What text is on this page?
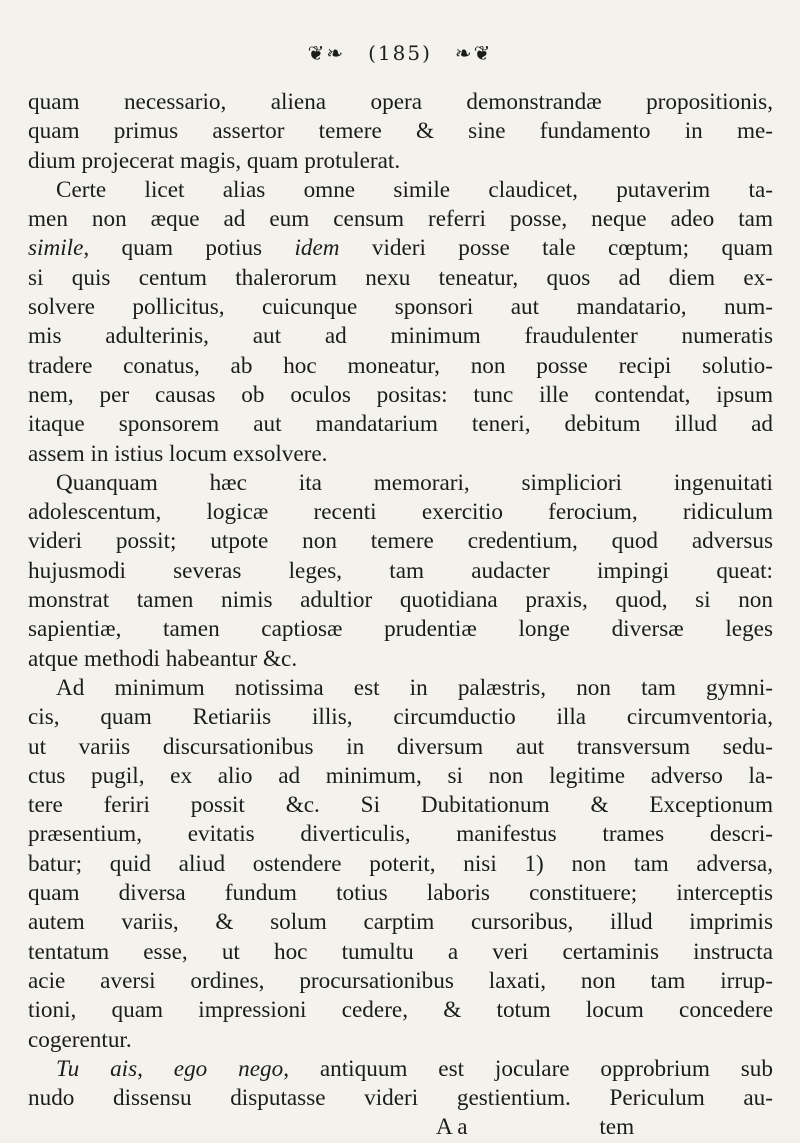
❦❧ (185) ❧❦
quam necessario, aliena opera demonstrandæ propositionis,
quam primus assertor temere & sine fundamento in me-
dium projecerat magis, quam protulerat.
Certe licet alias omne simile claudicet, putaverim ta-
men non æque ad eum censum referri posse, neque adeo tam
simile, quam potius idem videri posse tale cœptum; quam
si quis centum thalerorum nexu teneatur, quos ad diem ex-
solvere pollicitus, cuicunque sponsori aut mandatario, num-
mis adulterinis, aut ad minimum fraudulenter numeratis
tradere conatus, ab hoc moneatur, non posse recipi solutio-
nem, per causas ob oculos positas: tunc ille contendat, ipsum
itaque sponsorem aut mandatarium teneri, debitum illud ad
assem in istius locum exsolvere.
Quanquam hæc ita memorari, simpliciori ingenuitati
adolescentum, logicæ recenti exercitio ferocium, ridiculum
videri possit; utpote non temere credentium, quod adversus
hujusmodi severas leges, tam audacter impingi queat:
monstrat tamen nimis adultior quotidiana praxis, quod, si non
sapientiæ, tamen captiosæ prudentiæ longe diversæ leges
atque methodi habeantur &c.
Ad minimum notissima est in palæstris, non tam gymni-
cis, quam Retiariis illis, circumductio illa circumventoria,
ut variis discursationibus in diversum aut transversum sedu-
ctus pugil, ex alio ad minimum, si non legitime adverso la-
tere feriri possit &c. Si Dubitationum & Exceptionum
præsentium, evitatis diverticulis, manifestus trames descri-
batur; quid aliud ostendere poterit, nisi 1) non tam adversa,
quam diversa fundum totius laboris constituere; interceptis
autem variis, & solum carptim cursoribus, illud imprimis
tentatum esse, ut hoc tumultu a veri certaminis instructa
acie aversi ordines, procursationibus laxati, non tam irrup-
tioni, quam impressioni cedere, & totum locum concedere
cogerentur.
Tu ais, ego nego, antiquum est joculare opprobrium sub
nudo dissensu disputasse videri gestientium. Periculum au-
A a	tem
